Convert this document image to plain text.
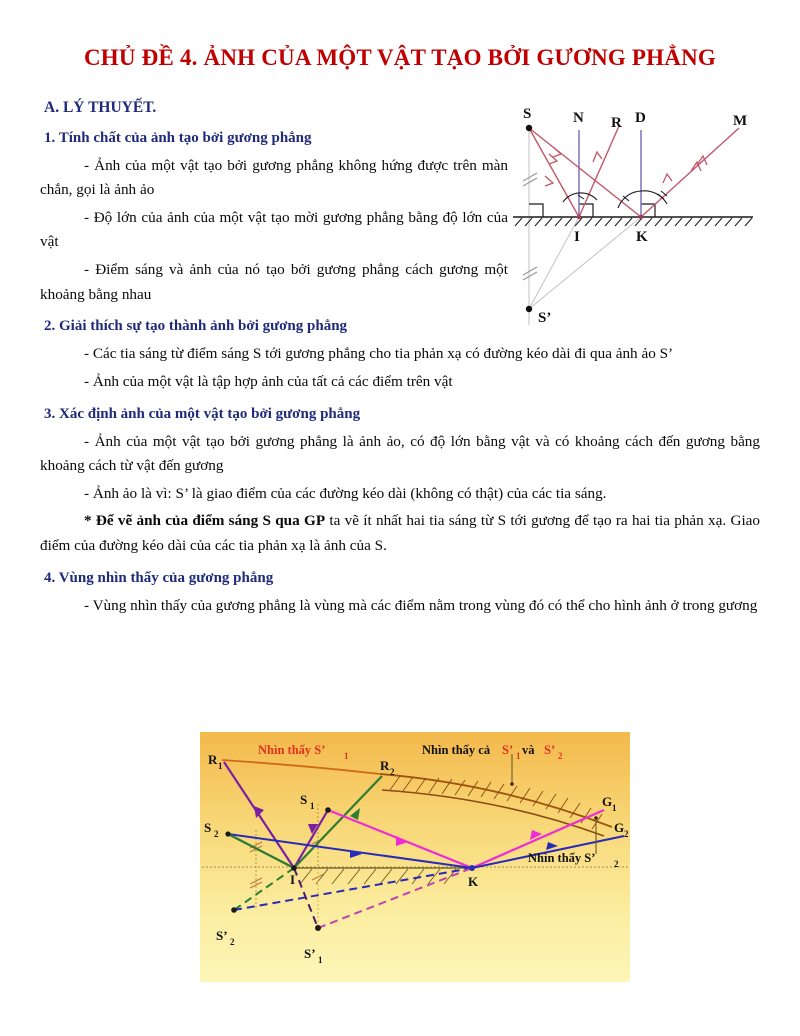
CHỦ ĐỀ 4. ẢNH CỦA MỘT VẬT TẠO BỞI GƯƠNG PHẲNG
S	N R D	M
I	K
S’
A. LÝ THUYẾT.
1. Tính chất của ảnh tạo bởi gương phẳng

- Ảnh của một vật tạo bởi gương phẳng không hứng được trên màn chắn, gọi là ảnh ảo

- Độ lớn của ảnh của một vật tạo mời gương phẳng bằng độ lớn của vật

- Điểm sáng và ảnh của nó tạo bởi gương phẳng cách gương một khoảng bằng nhau

2. Giải thích sự tạo thành ảnh bởi gương phẳng

- Các tia sáng từ điểm sáng S tới gương phẳng cho tia phản xạ có đường kéo dài đi qua ảnh ảo S’

- Ảnh của một vật là tập hợp ảnh của tất cả các điểm trên vật

3. Xác định ảnh của một vật tạo bởi gương phẳng

- Ảnh của một vật tạo bởi gương phẳng là ảnh ảo, có độ lớn bằng vật và có khoảng cách đến gương bằng khoảng cách từ vật đến gương

- Ảnh ảo là vì: S’ là giao điểm của các đường kéo dài (không có thật) của các tia sáng.

* Để vẽ ảnh của điểm sáng S qua GP ta vẽ ít nhất hai tia sáng từ S tới gương để tạo ra hai tia phản xạ. Giao điểm của đường kéo dài của các tia phản xạ là ảnh của S.

4. Vùng nhìn thấy của gương phẳng

- Vùng nhìn thấy của gương phẳng là vùng mà các điểm nằm trong vùng đó có thể cho hình ảnh ở trong gương

R 1	R 2
S 1
S 2
I	K
G 1
G 2
S’ 2
S’ 1
Nhìn thấy S’ 1	Nhìn thấy cả S’ 1 và S’ 2
Nhìn thấy S’ 2
